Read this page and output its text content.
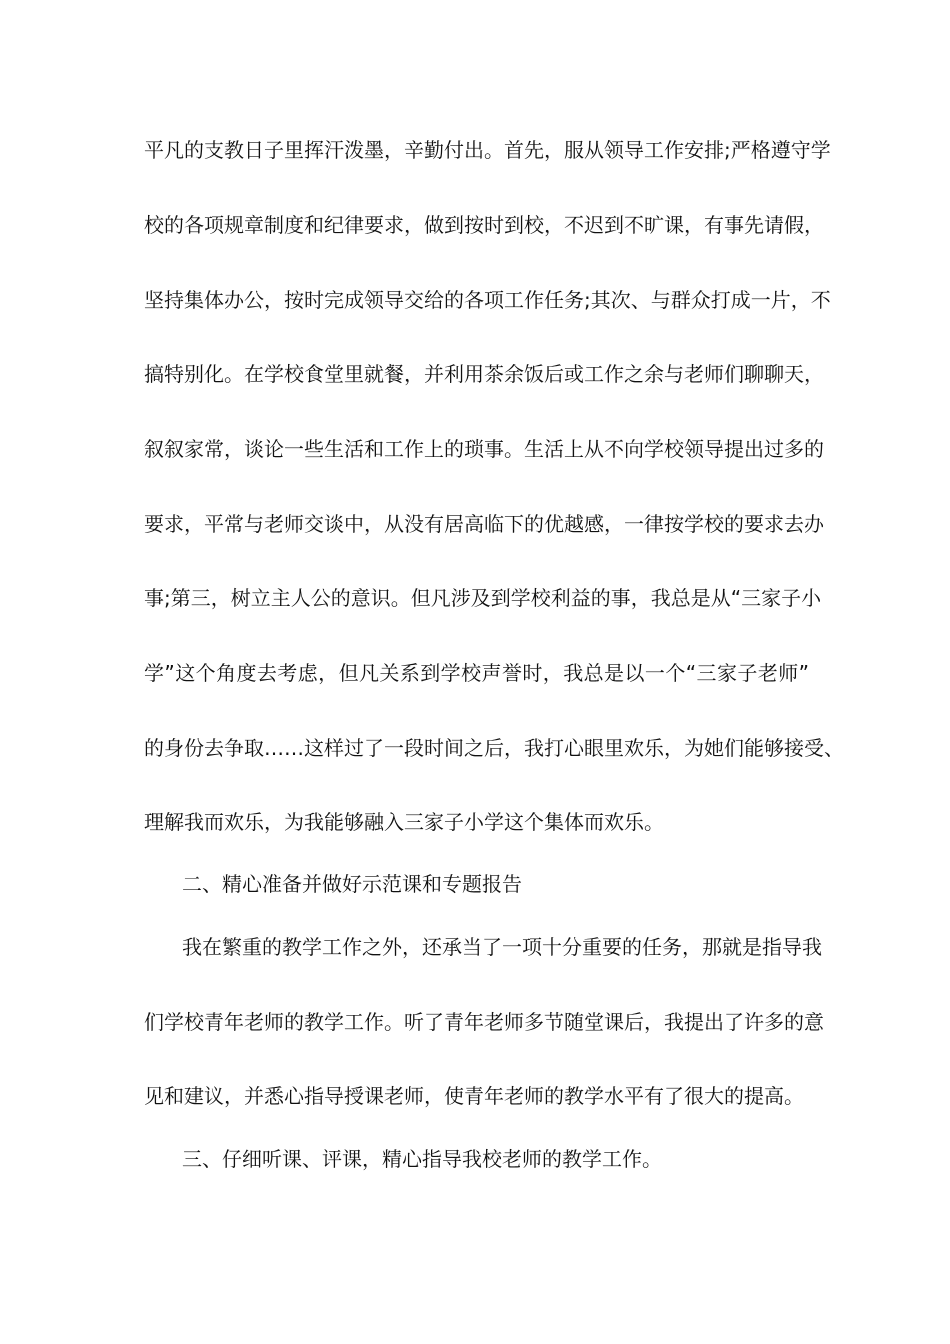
平凡的支教日子里挥汗泼墨，辛勤付出。首先，服从领导工作安排;严格遵守学
校的各项规章制度和纪律要求，做到按时到校，不迟到不旷课，有事先请假，
坚持集体办公，按时完成领导交给的各项工作任务;其次、与群众打成一片，不
搞特别化。在学校食堂里就餐，并利用茶余饭后或工作之余与老师们聊聊天，
叙叙家常，谈论一些生活和工作上的琐事。生活上从不向学校领导提出过多的
要求，平常与老师交谈中，从没有居高临下的优越感，一律按学校的要求去办
事;第三，树立主人公的意识。但凡涉及到学校利益的事，我总是从“三家子小
学”这个角度去考虑，但凡关系到学校声誉时，我总是以一个“三家子老师”
的身份去争取……这样过了一段时间之后，我打心眼里欢乐，为她们能够接受、
理解我而欢乐，为我能够融入三家子小学这个集体而欢乐。
二、精心准备并做好示范课和专题报告
我在繁重的教学工作之外，还承当了一项十分重要的任务，那就是指导我
们学校青年老师的教学工作。听了青年老师多节随堂课后，我提出了许多的意
见和建议，并悉心指导授课老师，使青年老师的教学水平有了很大的提高。
三、仔细听课、评课，精心指导我校老师的教学工作。
